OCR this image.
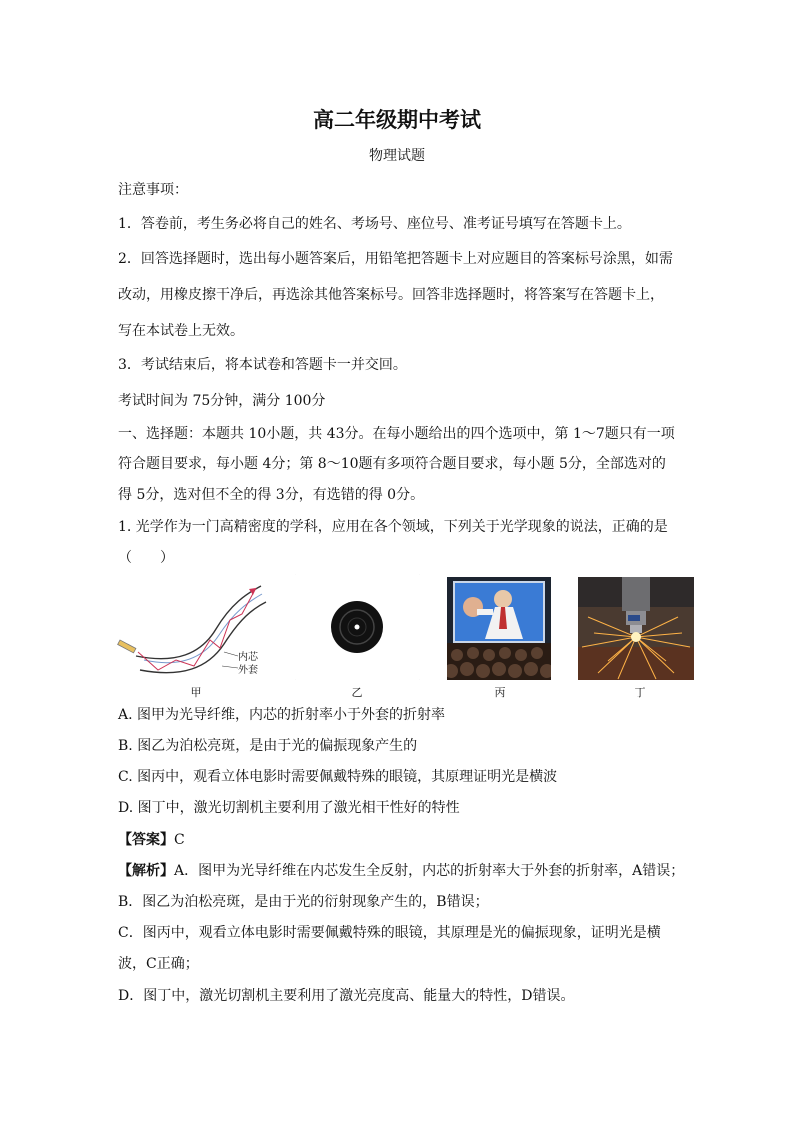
高二年级期中考试
物理试题
注意事项：
1．答卷前，考生务必将自己的姓名、考场号、座位号、准考证号填写在答题卡上。
2．回答选择题时，选出每小题答案后，用铅笔把答题卡上对应题目的答案标号涂黑，如需
改动，用橡皮擦干净后，再选涂其他答案标号。回答非选择题时，将答案写在答题卡上，
写在本试卷上无效。
3．考试结束后，将本试卷和答题卡一并交回。
考试时间为 75分钟，满分 100分
一、选择题：本题共 10小题，共 43分。在每小题给出的四个选项中，第 1～7题只有一项
符合题目要求，每小题 4分；第 8～10题有多项符合题目要求，每小题 5分，全部选对的
得 5分，选对但不全的得 3分，有选错的得 0分。
1. 光学作为一门高精密度的学科，应用在各个领域，下列关于光学现象的说法，正确的是
（　　）
内芯
外套
甲	乙	丙	丁
A. 图甲为光导纤维，内芯的折射率小于外套的折射率
B. 图乙为泊松亮斑，是由于光的偏振现象产生的
C. 图丙中，观看立体电影时需要佩戴特殊的眼镜，其原理证明光是横波
D. 图丁中，激光切割机主要利用了激光相干性好的特性
【答案】C
【解析】A．图甲为光导纤维在内芯发生全反射，内芯的折射率大于外套的折射率，A错误；
B．图乙为泊松亮斑，是由于光的衍射现象产生的，B错误；
C．图丙中，观看立体电影时需要佩戴特殊的眼镜，其原理是光的偏振现象，证明光是横
波，C正确；
D．图丁中，激光切割机主要利用了激光亮度高、能量大的特性，D错误。
